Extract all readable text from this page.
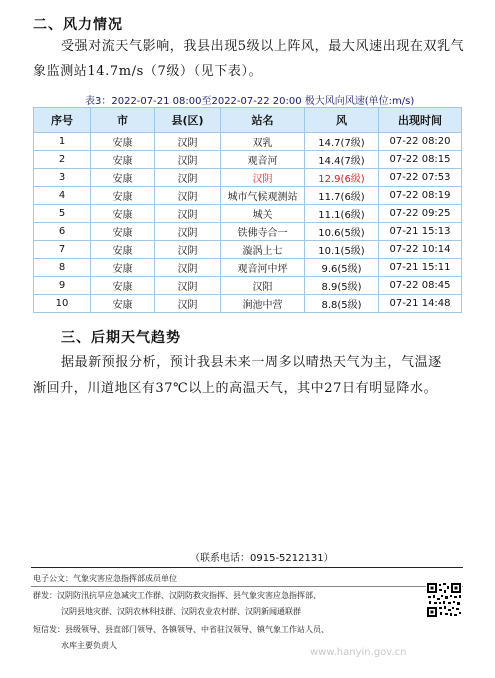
二、风力情况
受强对流天气影响，我县出现5级以上阵风，最大风速出现在双乳气
象监测站14.7m/s（7级）（见下表）。
表3：2022-07-21 08:00至2022-07-22 20:00 极大风向风速(单位:m/s)
序号	市	县(区)	站名	风	出现时间
1	安康	汉阴	双乳	14.7(7级)	07-22 08:20
2	安康	汉阴	观音河	14.4(7级)	07-22 08:15
3	安康	汉阴	汉阴	12.9(6级)	07-22 07:53
4	安康	汉阴	城市气候观测站	11.7(6级)	07-22 08:19
5	安康	汉阴	城关	11.1(6级)	07-22 09:25
6	安康	汉阴	铁佛寺合一	10.6(5级)	07-21 15:13
7	安康	汉阴	漩涡上七	10.1(5级)	07-22 10:14
8	安康	汉阴	观音河中坪	9.6(5级)	07-21 15:11
9	安康	汉阴	汉阳	8.9(5级)	07-22 08:45
10	安康	汉阴	涧池中营	8.8(5级)	07-21 14:48
三、后期天气趋势
据最新预报分析，预计我县未来一周多以晴热天气为主，气温逐
渐回升，川道地区有37℃以上的高温天气，其中27日有明显降水。
（联系电话：0915-5212131）
电子公文：气象灾害应急指挥部成员单位
群发：汉阴防汛抗旱应急减灾工作群、汉阴防救灾指挥、县气象灾害应急指挥部、
汉阴县地灾群、汉阴农林科技群、汉阴农业农村群、汉阴新闻通联群
短信发：县级领导、县直部门领导、各镇领导、中省驻汉领导、镇气象工作站人员、
水库主要负责人
www.hanyin.gov.cn
